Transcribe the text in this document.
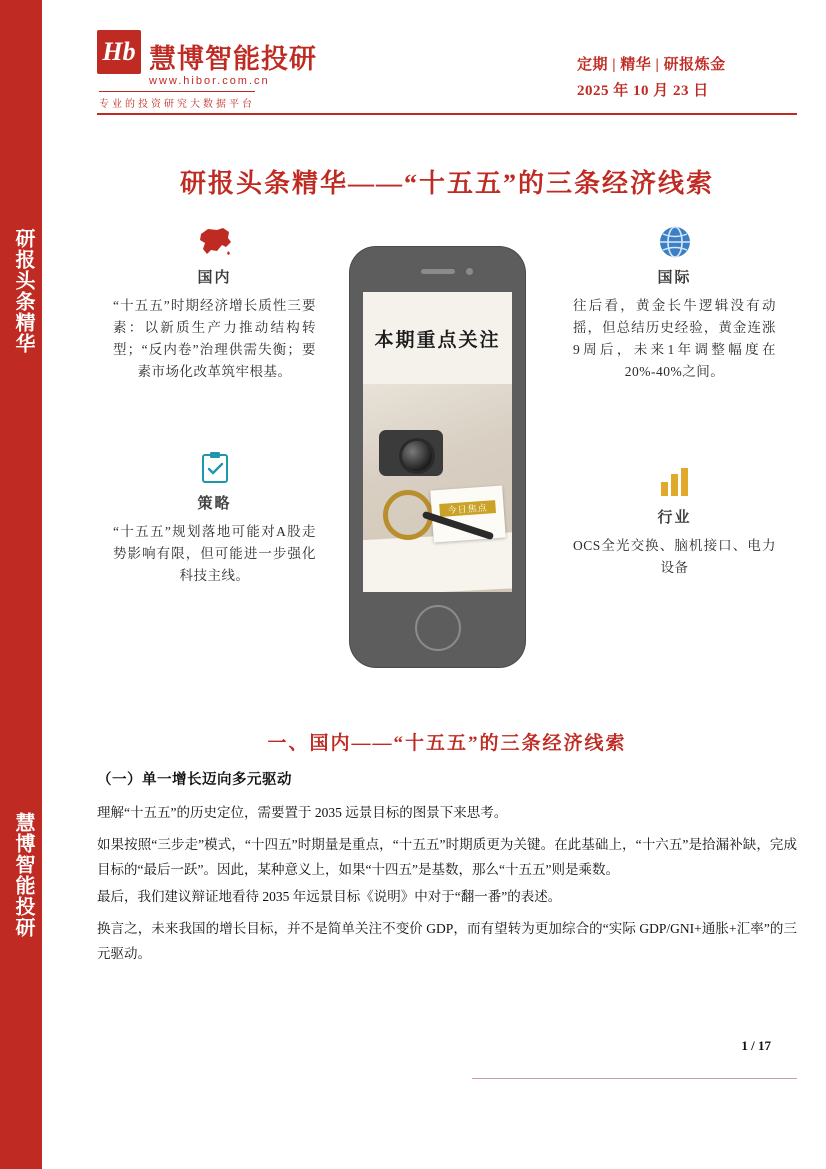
研报头条精华
慧博智能投研
Hb 慧博智能投研
www.hibor.com.cn
专业的投资研究大数据平台
定期 | 精华 | 研报炼金
2025 年 10 月 23 日
研报头条精华——“十五五”的三条经济线索
本期重点关注
今日焦点
国内
“十五五”时期经济增长质性三要素：以新质生产力推动结构转型；“反内卷”治理供需失衡；要素市场化改革筑牢根基。
策略
“十五五”规划落地可能对A股走势影响有限，但可能进一步强化科技主线。
国际
往后看，黄金长牛逻辑没有动摇，但总结历史经验，黄金连涨9周后，未来1年调整幅度在20%-40%之间。
行业
OCS全光交换、脑机接口、电力设备
一、国内——“十五五”的三条经济线索
（一）单一增长迈向多元驱动
理解“十五五”的历史定位，需要置于 2035 远景目标的图景下来思考。
如果按照“三步走”模式，“十四五”时期量是重点，“十五五”时期质更为关键。在此基础上，“十六五”是拾漏补缺，完成目标的“最后一跃”。因此，某种意义上，如果“十四五”是基数，那么“十五五”则是乘数。
最后，我们建议辩证地看待 2035 年远景目标《说明》中对于“翻一番”的表述。
换言之，未来我国的增长目标，并不是简单关注不变价 GDP，而有望转为更加综合的“实际 GDP/GNI+通胀+汇率”的三元驱动。
1 / 17
